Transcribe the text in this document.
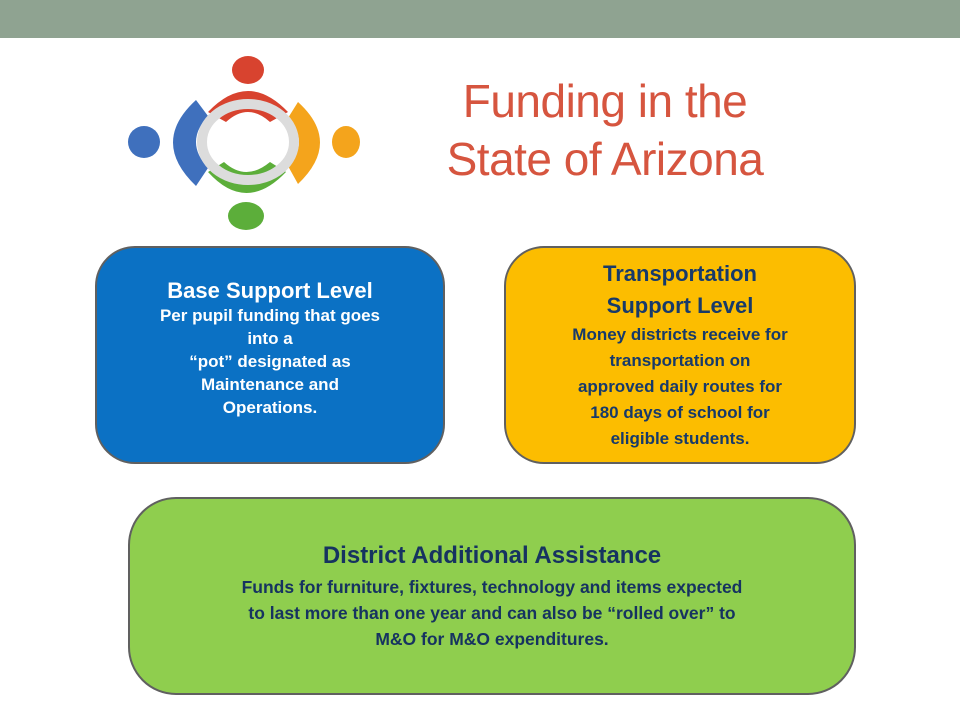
Funding in the
State of Arizona
Base Support Level
Per pupil funding that goes
into a
“pot” designated as
Maintenance and
Operations.
Transportation
Support Level
Money districts receive for
transportation on
approved daily routes for
180 days of school for
eligible students.
District Additional Assistance
Funds for furniture, fixtures, technology and items expected
to last more than one year and can also be “rolled over” to
M&O for M&O expenditures.
